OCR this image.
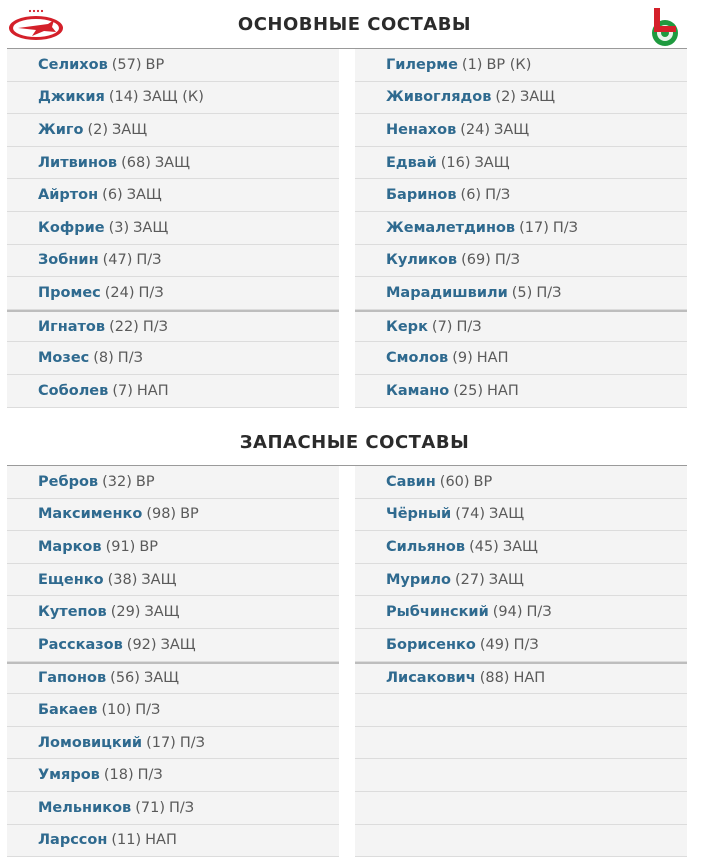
ОСНОВНЫЕ СОСТАВЫ
Селихов (57) ВР
Джикия (14) ЗАЩ (К)
Жиго (2) ЗАЩ
Литвинов (68) ЗАЩ
Айртон (6) ЗАЩ
Кофрие (3) ЗАЩ
Зобнин (47) П/З
Промес (24) П/З
Игнатов (22) П/З
Мозес (8) П/З
Соболев (7) НАП
Гилерме (1) ВР (К)
Живоглядов (2) ЗАЩ
Ненахов (24) ЗАЩ
Едвай (16) ЗАЩ
Баринов (6) П/З
Жемалетдинов (17) П/З
Куликов (69) П/З
Марадишвили (5) П/З
Керк (7) П/З
Смолов (9) НАП
Камано (25) НАП
ЗАПАСНЫЕ СОСТАВЫ
Ребров (32) ВР
Максименко (98) ВР
Марков (91) ВР
Ещенко (38) ЗАЩ
Кутепов (29) ЗАЩ
Рассказов (92) ЗАЩ
Гапонов (56) ЗАЩ
Бакаев (10) П/З
Ломовицкий (17) П/З
Умяров (18) П/З
Мельников (71) П/З
Ларссон (11) НАП
Савин (60) ВР
Чёрный (74) ЗАЩ
Сильянов (45) ЗАЩ
Мурило (27) ЗАЩ
Рыбчинский (94) П/З
Борисенко (49) П/З
Лисакович (88) НАП
